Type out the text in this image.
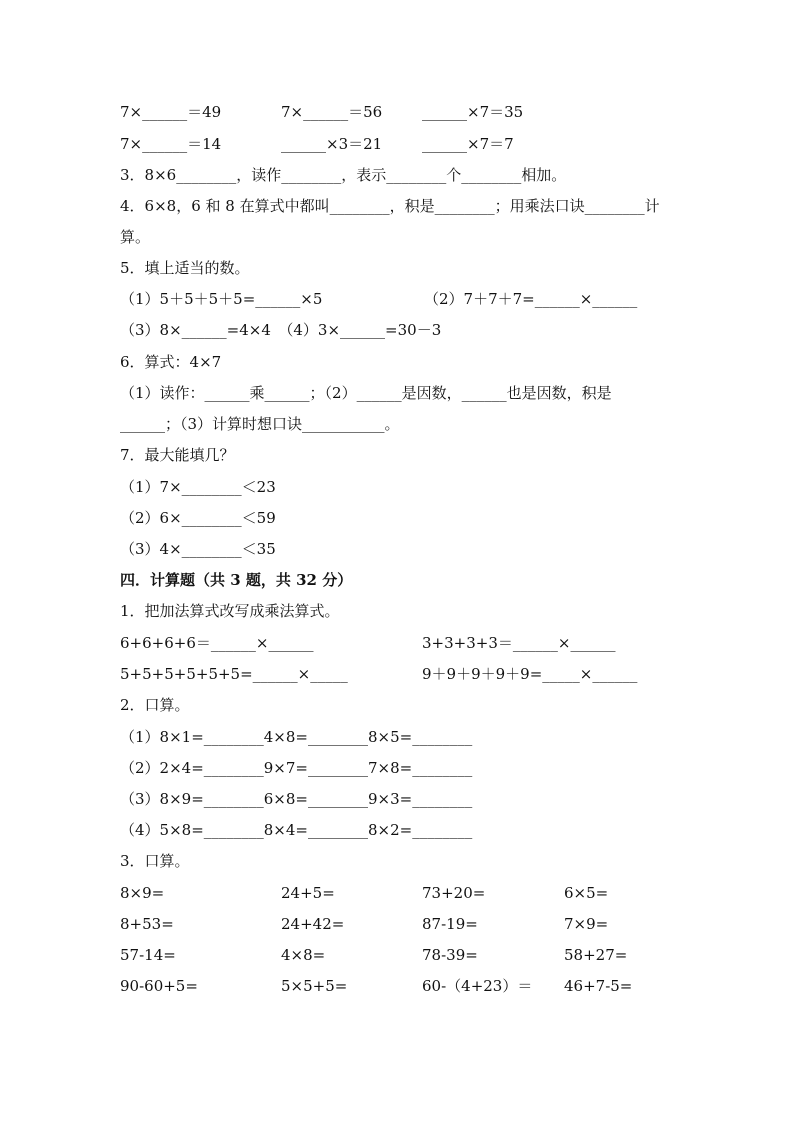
7×______＝49	7×______＝56	______×7＝35
7×______＝14	______×3＝21	______×7＝7
3．8×6________，读作________，表示________个________相加。
4．6×8，6 和 8 在算式中都叫________，积是________；用乘法口诀________计
算。
5．填上适当的数。
（1）5＋5＋5＋5=______×5	（2）7＋7＋7=______×______
（3）8×______=4×4　（4）3×______=30－3
6．算式：4×7
（1）读作：______乘______；（2）______是因数，______也是因数，积是
______；（3）计算时想口诀___________。
7．最大能填几？
（1）7×________＜23
（2）6×________＜59
（3）4×________＜35
四．计算题（共 3 题，共 32 分）
1．把加法算式改写成乘法算式。
6+6+6+6＝______×______	3+3+3+3＝______×______
5+5+5+5+5+5=______×_____	9＋9＋9＋9＋9=_____×______
2．口算。
（1）8×1=________4×8=________8×5=________
（2）2×4=________9×7=________7×8=________
（3）8×9=________6×8=________9×3=________
（4）5×8=________8×4=________8×2=________
3．口算。
8×9=	24+5=	73+20=	6×5=
8+53=	24+42=	87-19=	7×9=
57-14=	4×8=	78-39=	58+27=
90-60+5=	5×5+5=	60-（4+23）＝ 46+7-5=
